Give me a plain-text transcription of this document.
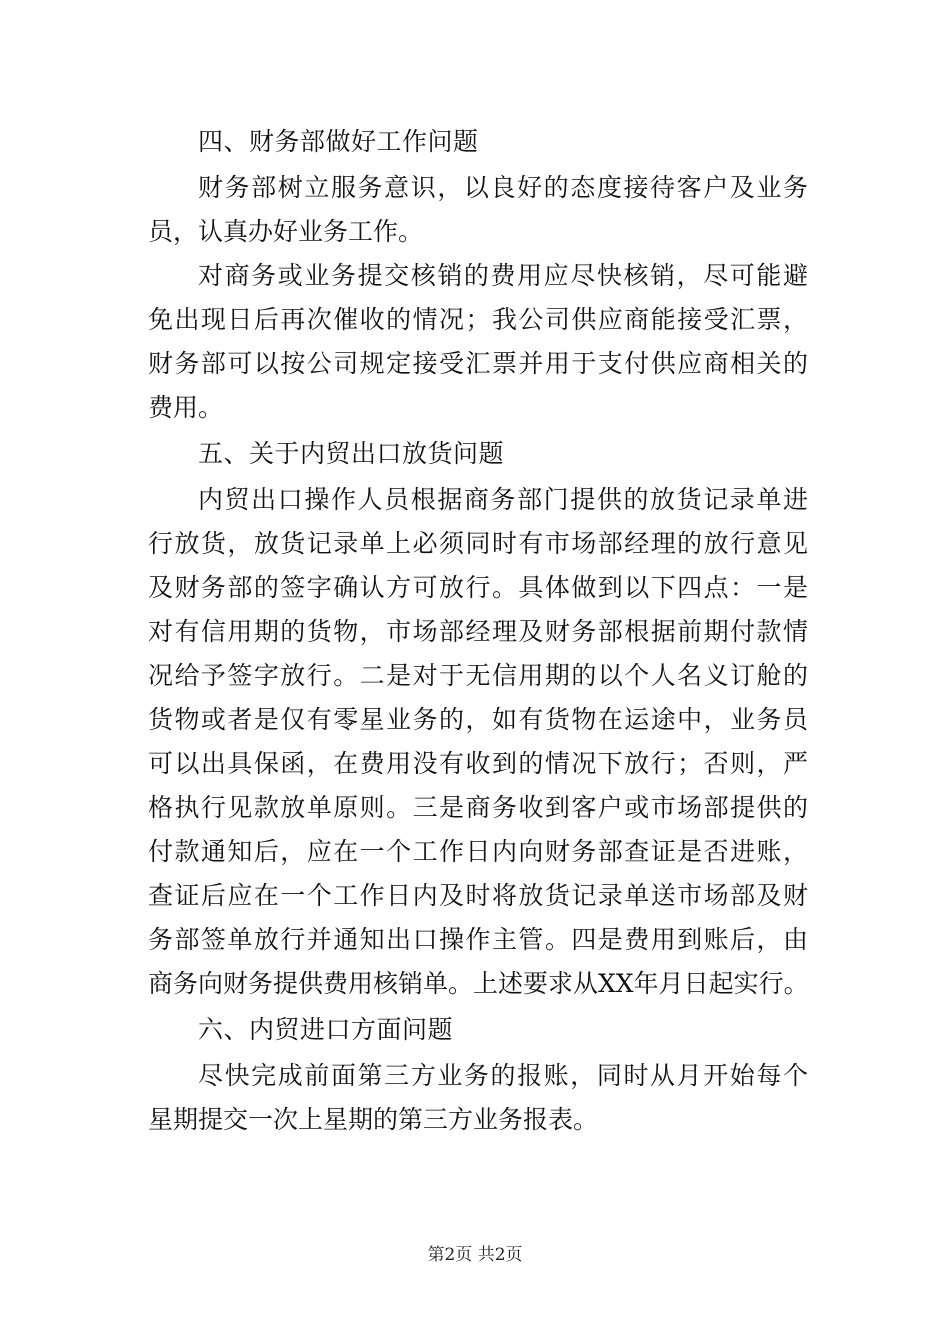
四、财务部做好工作问题
财务部树立服务意识，以良好的态度接待客户及业务
员，认真办好业务工作。
对商务或业务提交核销的费用应尽快核销，尽可能避
免出现日后再次催收的情况；我公司供应商能接受汇票，
财务部可以按公司规定接受汇票并用于支付供应商相关的
费用。
五、关于内贸出口放货问题
内贸出口操作人员根据商务部门提供的放货记录单进
行放货，放货记录单上必须同时有市场部经理的放行意见
及财务部的签字确认方可放行。具体做到以下四点：一是
对有信用期的货物，市场部经理及财务部根据前期付款情
况给予签字放行。二是对于无信用期的以个人名义订舱的
货物或者是仅有零星业务的，如有货物在运途中，业务员
可以出具保函，在费用没有收到的情况下放行；否则，严
格执行见款放单原则。三是商务收到客户或市场部提供的
付款通知后，应在一个工作日内向财务部查证是否进账，
查证后应在一个工作日内及时将放货记录单送市场部及财
务部签单放行并通知出口操作主管。四是费用到账后，由
商务向财务提供费用核销单。上述要求从XX年月日起实行。
六、内贸进口方面问题
尽快完成前面第三方业务的报账，同时从月开始每个
星期提交一次上星期的第三方业务报表。
第2页 共2页
